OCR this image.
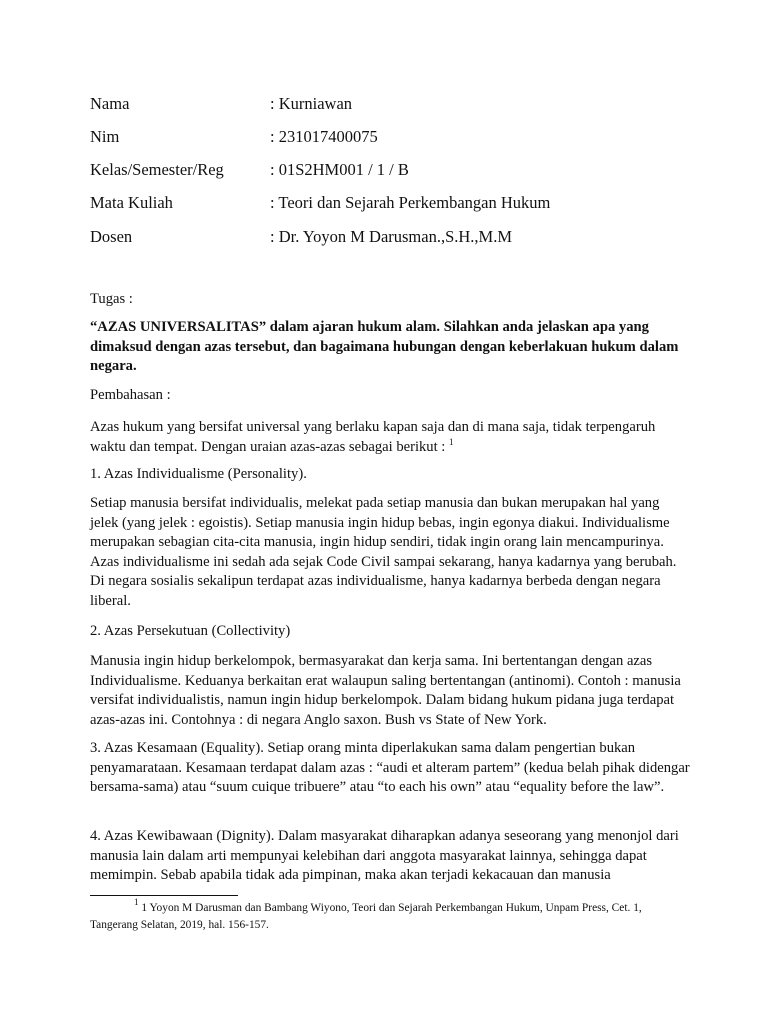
Nama	: Kurniawan
Nim	: 231017400075
Kelas/Semester/Reg	: 01S2HM001 / 1 / B
Mata Kuliah	: Teori dan Sejarah Perkembangan Hukum
Dosen	: Dr. Yoyon M Darusman.,S.H.,M.M
Tugas :
“AZAS UNIVERSALITAS” dalam ajaran hukum alam. Silahkan anda jelaskan apa yang dimaksud dengan azas tersebut, dan bagaimana hubungan dengan keberlakuan hukum dalam negara.
Pembahasan :
Azas hukum yang bersifat universal yang berlaku kapan saja dan di mana saja, tidak terpengaruh waktu dan tempat. Dengan uraian azas-azas sebagai berikut : $^1$
1. Azas Individualisme (Personality).
Setiap manusia bersifat individualis, melekat pada setiap manusia dan bukan merupakan hal yang jelek (yang jelek : egoistis). Setiap manusia ingin hidup bebas, ingin egonya diakui. Individualisme merupakan sebagian cita-cita manusia, ingin hidup sendiri, tidak ingin orang lain mencampurinya. Azas individualisme ini sedah ada sejak Code Civil sampai sekarang, hanya kadarnya yang berubah. Di negara sosialis sekalipun terdapat azas individualisme, hanya kadarnya berbeda dengan negara liberal.
2. Azas Persekutuan (Collectivity)
Manusia ingin hidup berkelompok, bermasyarakat dan kerja sama. Ini bertentangan dengan azas Individualisme. Keduanya berkaitan erat walaupun saling bertentangan (antinomi). Contoh : manusia versifat individualistis, namun ingin hidup berkelompok. Dalam bidang hukum pidana juga terdapat azas-azas ini. Contohnya : di negara Anglo saxon. Bush vs State of New York.
3. Azas Kesamaan (Equality). Setiap orang minta diperlakukan sama dalam pengertian bukan penyamarataan. Kesamaan terdapat dalam azas : “audi et alteram partem” (kedua belah pihak didengar bersama-sama) atau “suum cuique tribuere” atau “to each his own” atau “equality before the law”.
4. Azas Kewibawaan (Dignity). Dalam masyarakat diharapkan adanya seseorang yang menonjol dari manusia lain dalam arti mempunyai kelebihan dari anggota masyarakat lainnya, sehingga dapat memimpin. Sebab apabila tidak ada pimpinan, maka akan terjadi kekacauan dan manusia
$^1$ 1 Yoyon M Darusman dan Bambang Wiyono, Teori dan Sejarah Perkembangan Hukum, Unpam Press, Cet. 1, Tangerang Selatan, 2019, hal. 156-157.
